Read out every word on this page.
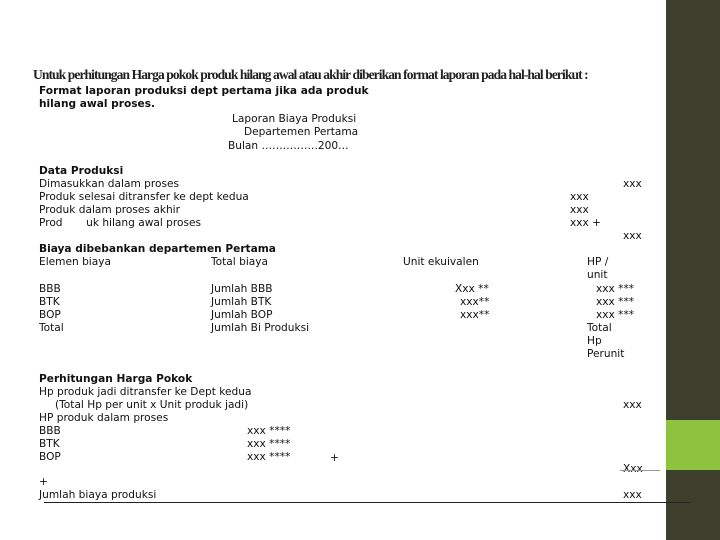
Untuk perhitungan Harga pokok produk hilang awal atau akhir diberikan format laporan pada hal-hal berikut :
Format laporan produksi dept pertama jika ada produk
hilang awal proses.
Laporan Biaya Produksi
Departemen Pertama
Bulan …………….200…
Data Produksi
Dimasukkan dalam proses	xxx
Produk selesai ditransfer ke dept kedua	xxx
Produk dalam proses akhir	xxx
Prod       uk hilang awal proses	xxx +
xxx
Biaya dibebankan departemen Pertama
Elemen biaya	Total biaya	Unit ekuivalen	HP /
unit
BBB	Jumlah BBB	Xxx **	xxx ***
BTK	Jumlah BTK	xxx**	xxx ***
BOP	Jumlah BOP	xxx**	xxx ***
Total	Jumlah Bi Produksi	Total
Hp
Perunit
Perhitungan Harga Pokok
Hp produk jadi ditransfer ke Dept kedua
(Total Hp per unit x Unit produk jadi)	xxx
HP produk dalam proses
BBB	xxx ****
BTK	xxx ****
BOP	xxx ****	+
Xxx
+
Jumlah biaya produksi	xxx
